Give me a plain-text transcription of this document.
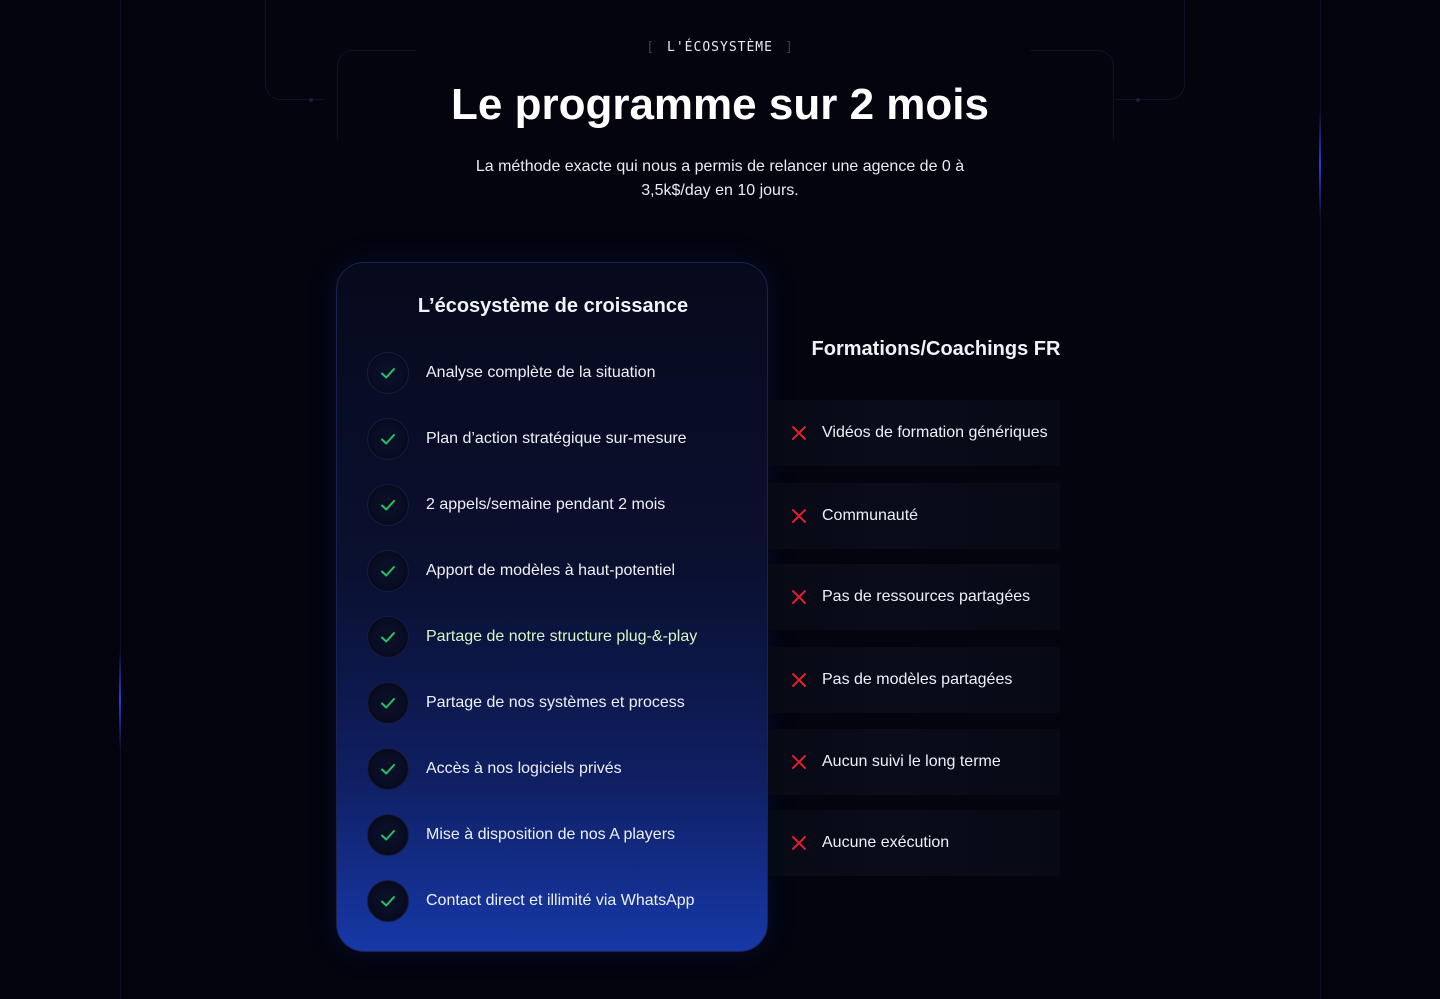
[ L'ÉCOSYSTÈME ]
Le programme sur 2 mois

La méthode exacte qui nous a permis de relancer une agence de 0 à 3,5k$/day en 10 jours.

L’écosystème de croissance
Analyse complète de la situation
Plan d’action stratégique sur-mesure
2 appels/semaine pendant 2 mois
Apport de modèles à haut-potentiel
Partage de notre structure plug-&-play
Partage de nos systèmes et process
Accès à nos logiciels privés
Mise à disposition de nos A players
Contact direct et illimité via WhatsApp
Formations/Coachings FR
Vidéos de formation génériques
Communauté
Pas de ressources partagées
Pas de modèles partagées
Aucun suivi le long terme
Aucune exécution
